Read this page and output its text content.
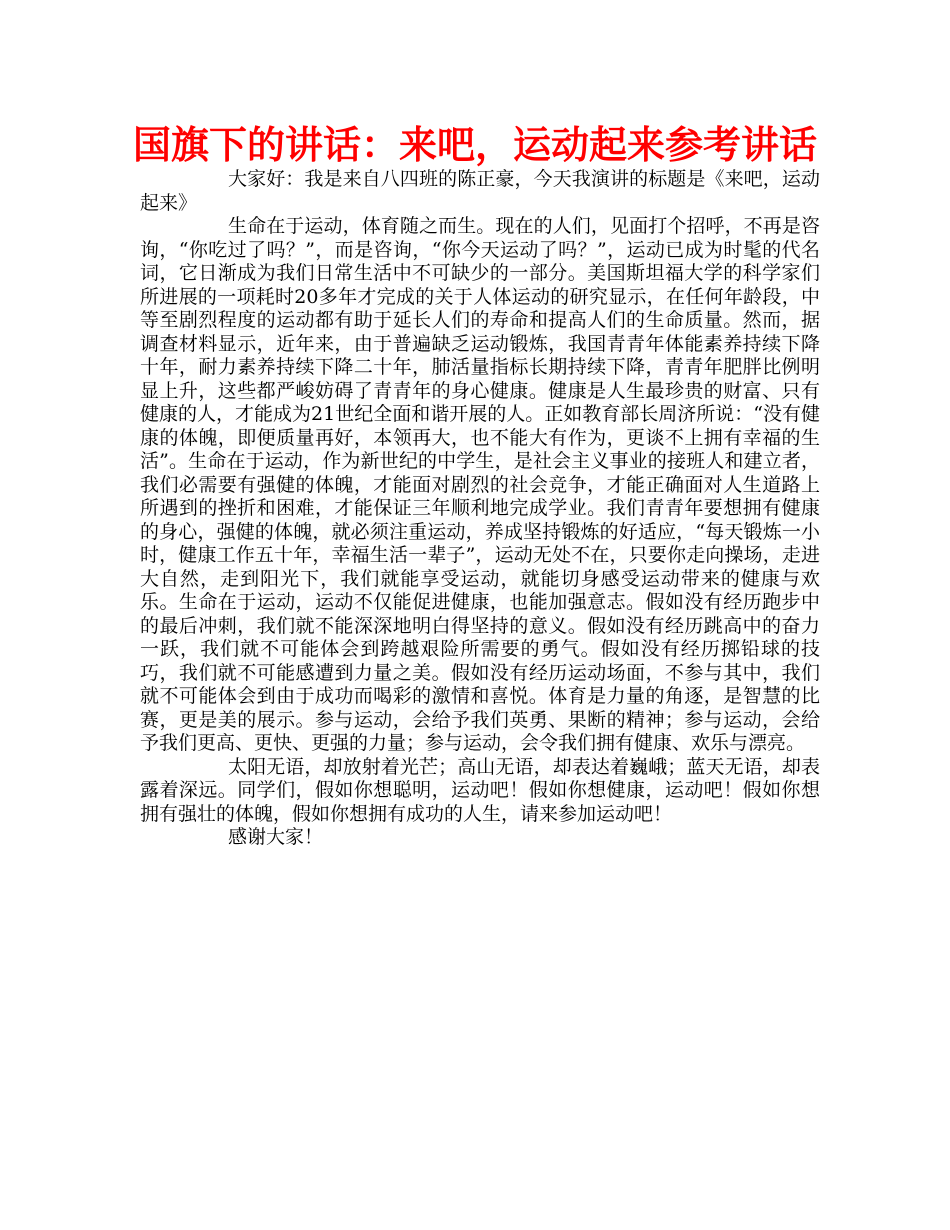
国旗下的讲话：来吧，运动起来参考讲话

大家好：我是来自八四班的陈正豪，今天我演讲的标题是《来吧，运动起来》

生命在于运动，体育随之而生。现在的人们，见面打个招呼，不再是咨询，“你吃过了吗？”，而是咨询，“你今天运动了吗？”，运动已成为时髦的代名词，它日渐成为我们日常生活中不可缺少的一部分。美国斯坦福大学的科学家们所进展的一项耗时20多年才完成的关于人体运动的研究显示，在任何年龄段，中等至剧烈程度的运动都有助于延长人们的寿命和提高人们的生命质量。然而，据调查材料显示，近年来，由于普遍缺乏运动锻炼，我国青青年体能素养持续下降十年，耐力素养持续下降二十年，肺活量指标长期持续下降，青青年肥胖比例明显上升，这些都严峻妨碍了青青年的身心健康。健康是人生最珍贵的财富、只有健康的人，才能成为21世纪全面和谐开展的人。正如教育部长周济所说：“没有健康的体魄，即便质量再好，本领再大，也不能大有作为，更谈不上拥有幸福的生活”。生命在于运动，作为新世纪的中学生，是社会主义事业的接班人和建立者，我们必需要有强健的体魄，才能面对剧烈的社会竞争，才能正确面对人生道路上所遇到的挫折和困难，才能保证三年顺利地完成学业。我们青青年要想拥有健康的身心，强健的体魄，就必须注重运动，养成坚持锻炼的好适应，“每天锻炼一小时，健康工作五十年，幸福生活一辈子”，运动无处不在，只要你走向操场，走进大自然，走到阳光下，我们就能享受运动，就能切身感受运动带来的健康与欢乐。生命在于运动，运动不仅能促进健康，也能加强意志。假如没有经历跑步中的最后冲刺，我们就不能深深地明白得坚持的意义。假如没有经历跳高中的奋力一跃，我们就不可能体会到跨越艰险所需要的勇气。假如没有经历掷铅球的技巧，我们就不可能感遭到力量之美。假如没有经历运动场面，不参与其中，我们就不可能体会到由于成功而喝彩的激情和喜悦。体育是力量的角逐，是智慧的比赛，更是美的展示。参与运动，会给予我们英勇、果断的精神；参与运动，会给予我们更高、更快、更强的力量；参与运动，会令我们拥有健康、欢乐与漂亮。

太阳无语，却放射着光芒；高山无语，却表达着巍峨；蓝天无语，却表露着深远。同学们，假如你想聪明，运动吧！假如你想健康，运动吧！假如你想拥有强壮的体魄，假如你想拥有成功的人生，请来参加运动吧！

感谢大家！
